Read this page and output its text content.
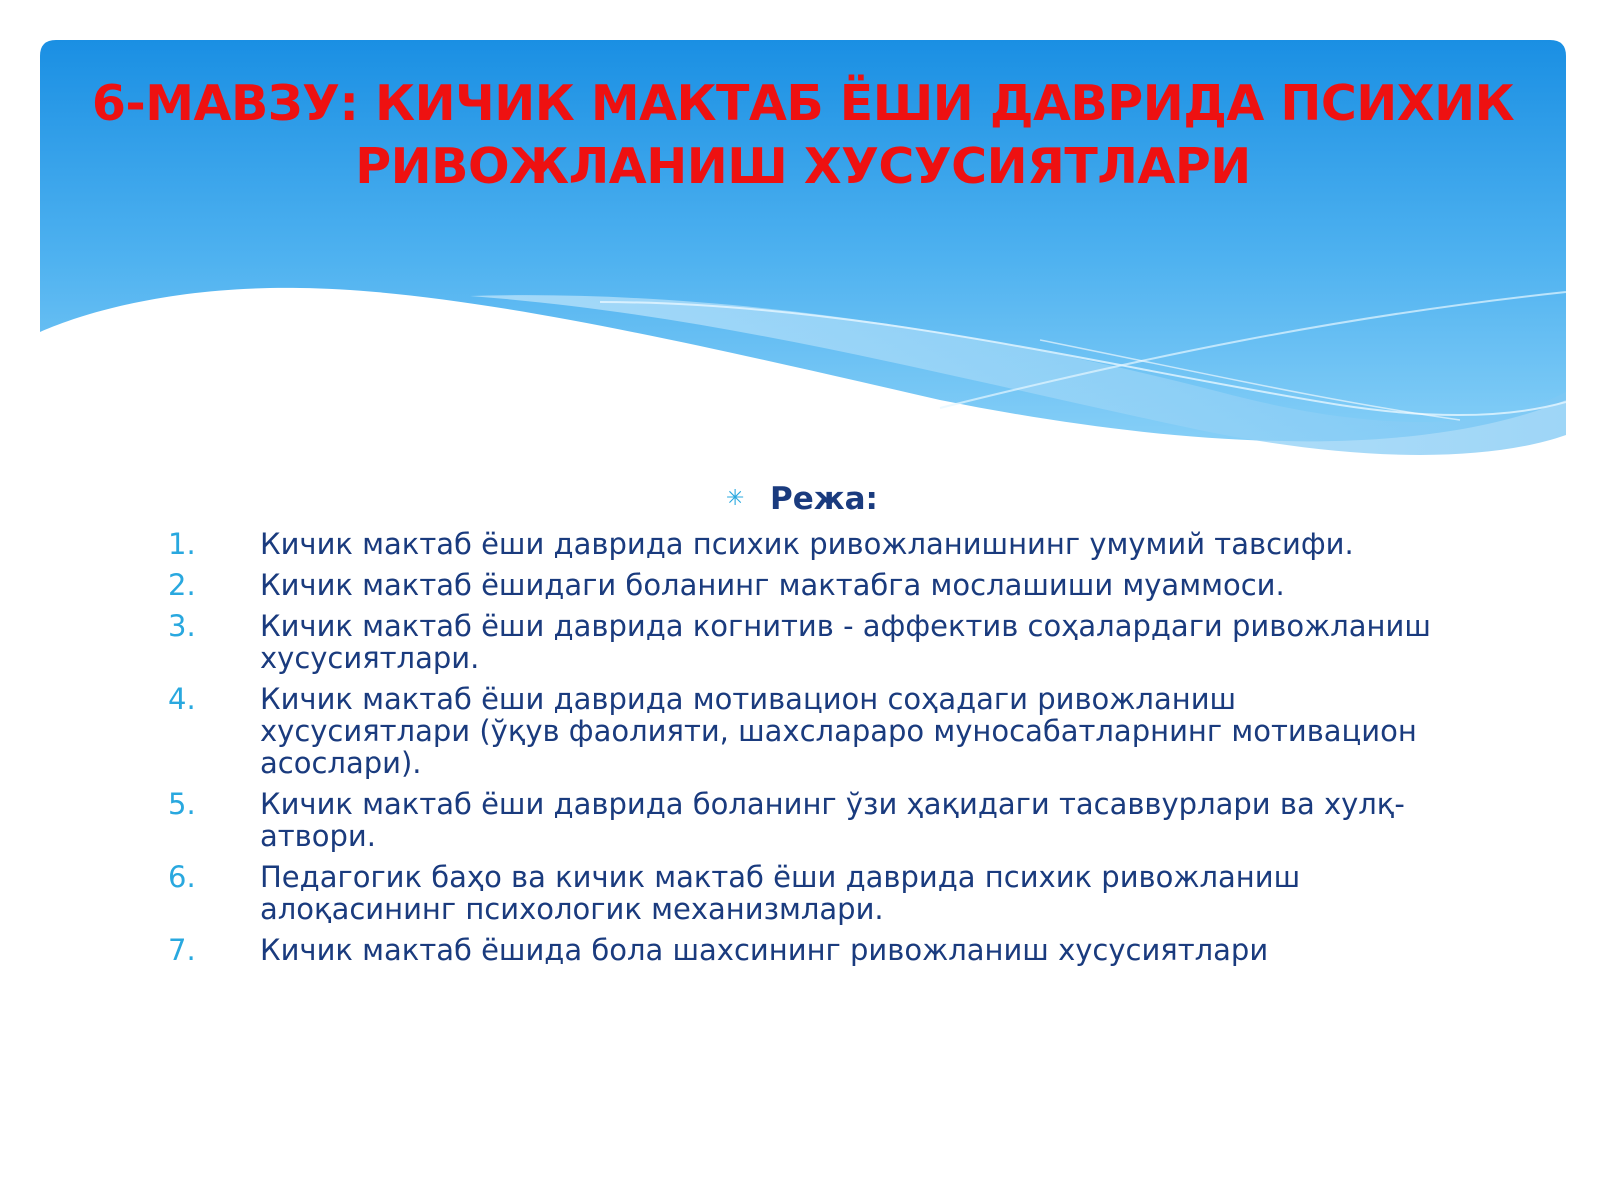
6-МАВЗУ: КИЧИК МАКТАБ ЁШИ ДАВРИДА ПСИХИК РИВОЖЛАНИШ ХУСУСИЯТЛАРИ
✳ Режа:
1. Кичик мактаб ёши даврида психик ривожланишнинг умумий тавсифи.
2. Кичик мактаб ёшидаги боланинг мактабга мослашиши муаммоси.
3. Кичик мактаб ёши даврида когнитив - аффектив соҳалардаги ривожланиш хусусиятлари.
4. Кичик мактаб ёши даврида мотивацион соҳадаги ривожланиш хусусиятлари (ўқув фаолияти, шахслараро муносабатларнинг мотивацион асослари).
5. Кичик мактаб ёши даврида боланинг ўзи ҳақидаги тасаввурлари ва хулқ-атвори.
6. Педагогик баҳо ва кичик мактаб ёши даврида психик ривожланиш алоқасининг психологик механизмлари.
7. Кичик мактаб ёшида бола шахсининг ривожланиш хусусиятлари
